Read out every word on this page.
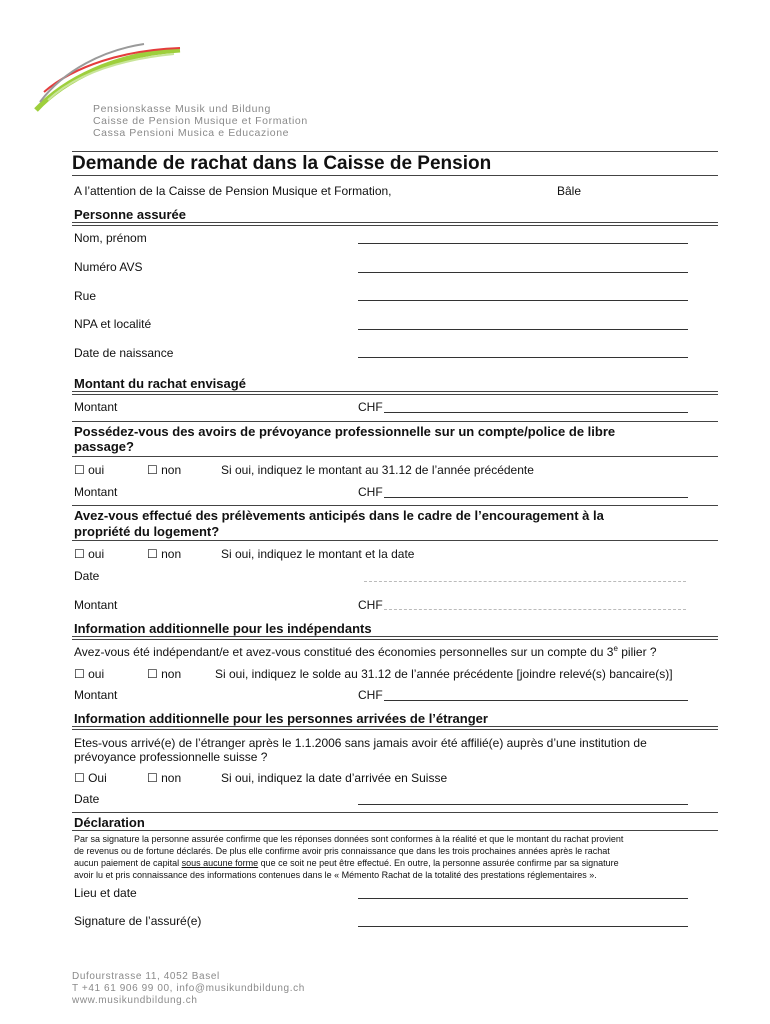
Pensionskasse Musik und Bildung
Caisse de Pension Musique et Formation
Cassa Pensioni Musica e Educazione
Demande de rachat dans la Caisse de Pension
A l’attention de la Caisse de Pension Musique et Formation,	Bâle
Personne assurée
Nom, prénom
Numéro AVS
Rue
NPA et localité
Date de naissance
Montant du rachat envisagé
Montant	CHF
Possédez-vous des avoirs de prévoyance professionnelle sur un compte/police de libre
passage?
☐ oui	☐ non	Si oui, indiquez le montant au 31.12 de l’année précédente
Montant	CHF
Avez-vous effectué des prélèvements anticipés dans le cadre de l’encouragement à la
propriété du logement?
☐ oui	☐ non	Si oui, indiquez le montant et la date
Date
Montant	CHF
Information additionnelle pour les indépendants
Avez-vous été indépendant/e et avez-vous constitué des économies personnelles sur un compte du 3e pilier ?
☐ oui	☐ non	Si oui, indiquez le solde au 31.12 de l’année précédente [joindre relevé(s) bancaire(s)]
Montant	CHF
Information additionnelle pour les personnes arrivées de l’étranger
Etes-vous arrivé(e) de l’étranger après le 1.1.2006 sans jamais avoir été affilié(e) auprès d’une institution de
prévoyance professionnelle suisse ?
☐ Oui	☐ non	Si oui, indiquez la date d’arrivée en Suisse
Date
Déclaration
Par sa signature la personne assurée confirme que les réponses données sont conformes à la réalité et que le montant du rachat provient
de revenus ou de fortune déclarés. De plus elle confirme avoir pris connaissance que dans les trois prochaines années après le rachat
aucun paiement de capital sous aucune forme que ce soit ne peut être effectué. En outre, la personne assurée confirme par sa signature
avoir lu et pris connaissance des informations contenues dans le « Mémento Rachat de la totalité des prestations réglementaires ».
Lieu et date
Signature de l’assuré(e)
Dufourstrasse 11, 4052 Basel
T +41 61 906 99 00, info@musikundbildung.ch
www.musikundbildung.ch
